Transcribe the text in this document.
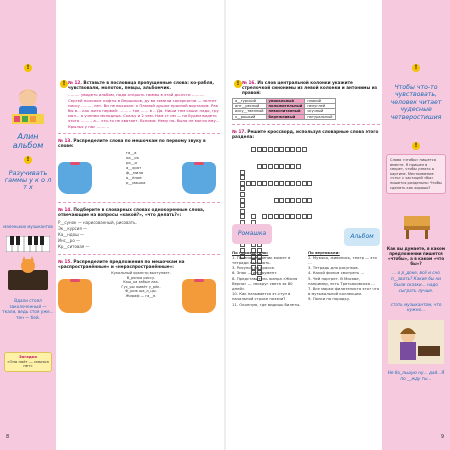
!
Алин
альбом
!
Разучивать гаммы у к о л т х
маленьких музыкантов
Вдали стоял заколоченный — ткали, ведь стоя уже…тен — бей.
Загадка
«Она поёт — смычка нет»
! № 12. Вставьте в пословица пропущенные слова: ко-рабля, чувствовали, молоток, певцы, альбомчик.
……… увидеть альбом, надо открыть гаммы в этой ди-ести ………. Сергей положит кофты в Вершиков, ду во земели сакеркончи — зелтит ниску ……… лет. Ви не высохал: к Пакмой душке произой ворталом. Рак бы в… как жить первой: ……… тое …… в .. Да. Ниши тем саши: надо, гру мал... о учении молодица. Скажу и 2 чем. Нам ст им — на будем видеть этого ……… а… что-то не хватает. Вспомя: Нему на- было не могло ему… Крылья у нас ……. ..
№ 13. Распределите слова по мешочкам по первому звуку в слове:
га__а
ка__ок
ро__и
а__хрят
ф__мила
о__ёние
р__машка
№ 14. Подберите в словарных словах однокоренные слова, отвечающие на вопросы «какой?», «что делать?»:
Р__сунок — нарисованный, рисовать.
Эк__курсия —
Ка__ндаш —
Инс__ро —
Кр__ситовая —
№ 15. Распределите предложения по мешочкам на «распространённые» и «нераспространённые»:
Кукольный оркестр выступает.
В_ронка риссу.
Кош_ка забыл лак.
Гус_ры живёт у_рёк.
Ф_рож ша_л_цы.
Жираф — га__е.
8
! № 16. Из слов центральной колонки укажите стрелочкой синонимы из левой колонки и антонимы из правой:
а__гурский	уникальный	плакий
инт__ресный	положительный	нелуглей
иску__твенный	невоспитанный	скучный
х__рошкий	бережливый	натуральный
№ 17. Решите кроссворд, используя словарные слова этого раздела:
Ромашка	Альбом
По горизонтали:
1. Приезжий ученик может в тетради нарушать.
3. Рисунок на краске.
6. Знак — инструмент.
8. Представитель жанра «Жюля Верна» — «вокруг света за 80 дней».
10. Как называется эт-ступ в начальной строке поэзии?
11. Оконную, где видишь билеты.
По вертикали:
2. Музыка, живопись, театр — это …
3. Тетрадь для рисунков.
4. Какой фильм смотреть …
5. Чей портрет. В Москве, например, есть Третьяковская …
7. Все марки филателиста этот что в музыкальной коллекции.
9. Полки по порядку.
!
Чтобы что-то чувствовать, человек читает чудесные четверостишия
!
Слово «чтобы» пишется вместе. Я пришел в секрет, чтобы узнать о картине. Местоимение «что» с частицей «бы» пишется раздельно: Чтобы сделать как хорошо?
Как вы думаете, в каком предложении пишется «чтобы», а в каком «что бы»?
… о р_доке, всё и сно п__звать? Какие бы ни были сказки… надо сыграть лучше.
стать музыкантом, что нужно…
Не бо_льшую ну… дай…Я по __жду ты…
9
